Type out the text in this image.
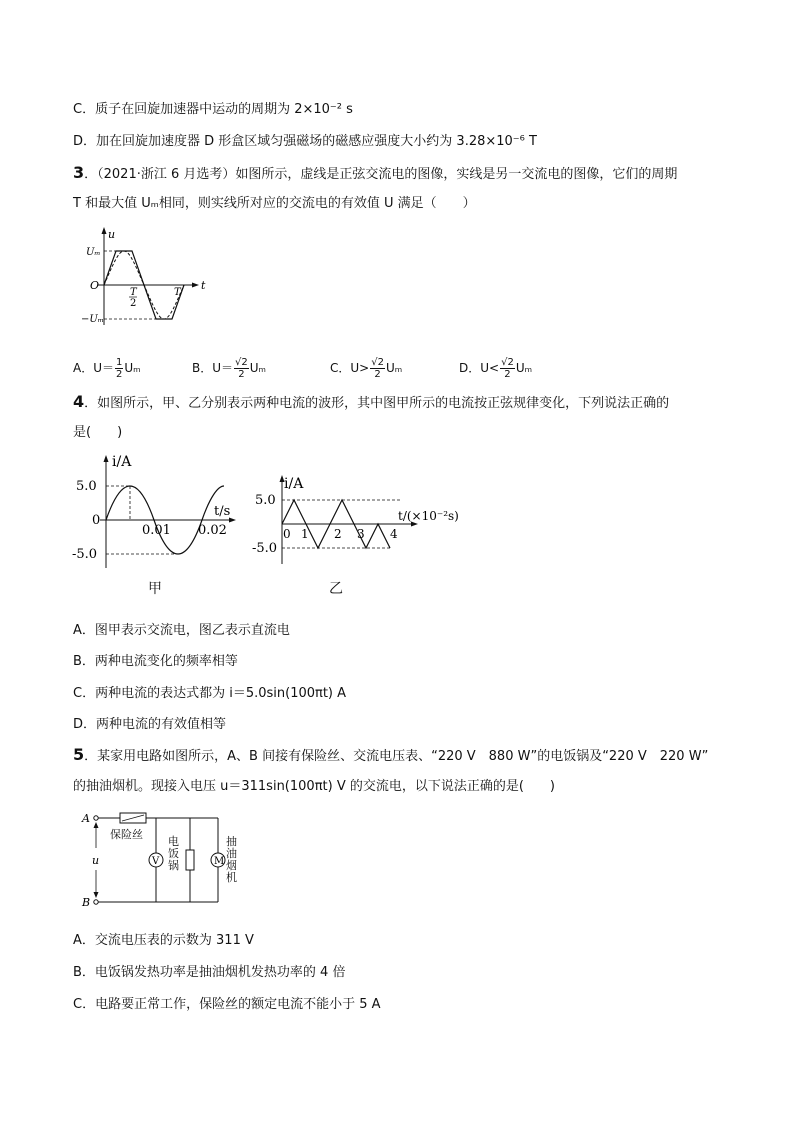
C．质子在回旋加速器中运动的周期为 2×10⁻² s
D．加在回旋加速度器 D 形盒区域匀强磁场的磁感应强度大小约为 3.28×10⁻⁶ T
3．（2021·浙江 6 月选考）如图所示，虚线是正弦交流电的图像，实线是另一交流电的图像，它们的周期
T 和最大值 Uₘ相同，则实线所对应的交流电的有效值 U 满足（　　）
u
t
O
Uₘ
−Uₘ
T
2
T
A．$U= \frac{1}{2}$ Uₘ	B．$U= \frac{√2}{2}$ Uₘ	C．$U> \frac{√2}{2}$ Uₘ	D．$U< \frac{√2}{2}$ Uₘ
4．如图所示，甲、乙分别表示两种电流的波形，其中图甲所示的电流按正弦规律变化，下列说法正确的
是(　　)
i/A
t/s
5.0
0
-5.0
0.01 0.02
甲
i/A
t/(×10⁻²s)
5.0
-5.0
0 1 2 3 4
乙
A．图甲表示交流电，图乙表示直流电
B．两种电流变化的频率相等
C．两种电流的表达式都为 i＝5.0sin(100πt) A
D．两种电流的有效值相等
5．某家用电路如图所示，A、B 间接有保险丝、交流电压表、“220 V　880 W”的电饭锅及“220 V　220 W”
的抽油烟机。现接入电压 u＝311sin(100πt) V 的交流电，以下说法正确的是(　　)
A
B
u	V	M
保险丝
电饭锅
抽油烟机
A．交流电压表的示数为 311 V
B．电饭锅发热功率是抽油烟机发热功率的 4 倍
C．电路要正常工作，保险丝的额定电流不能小于 5 A
